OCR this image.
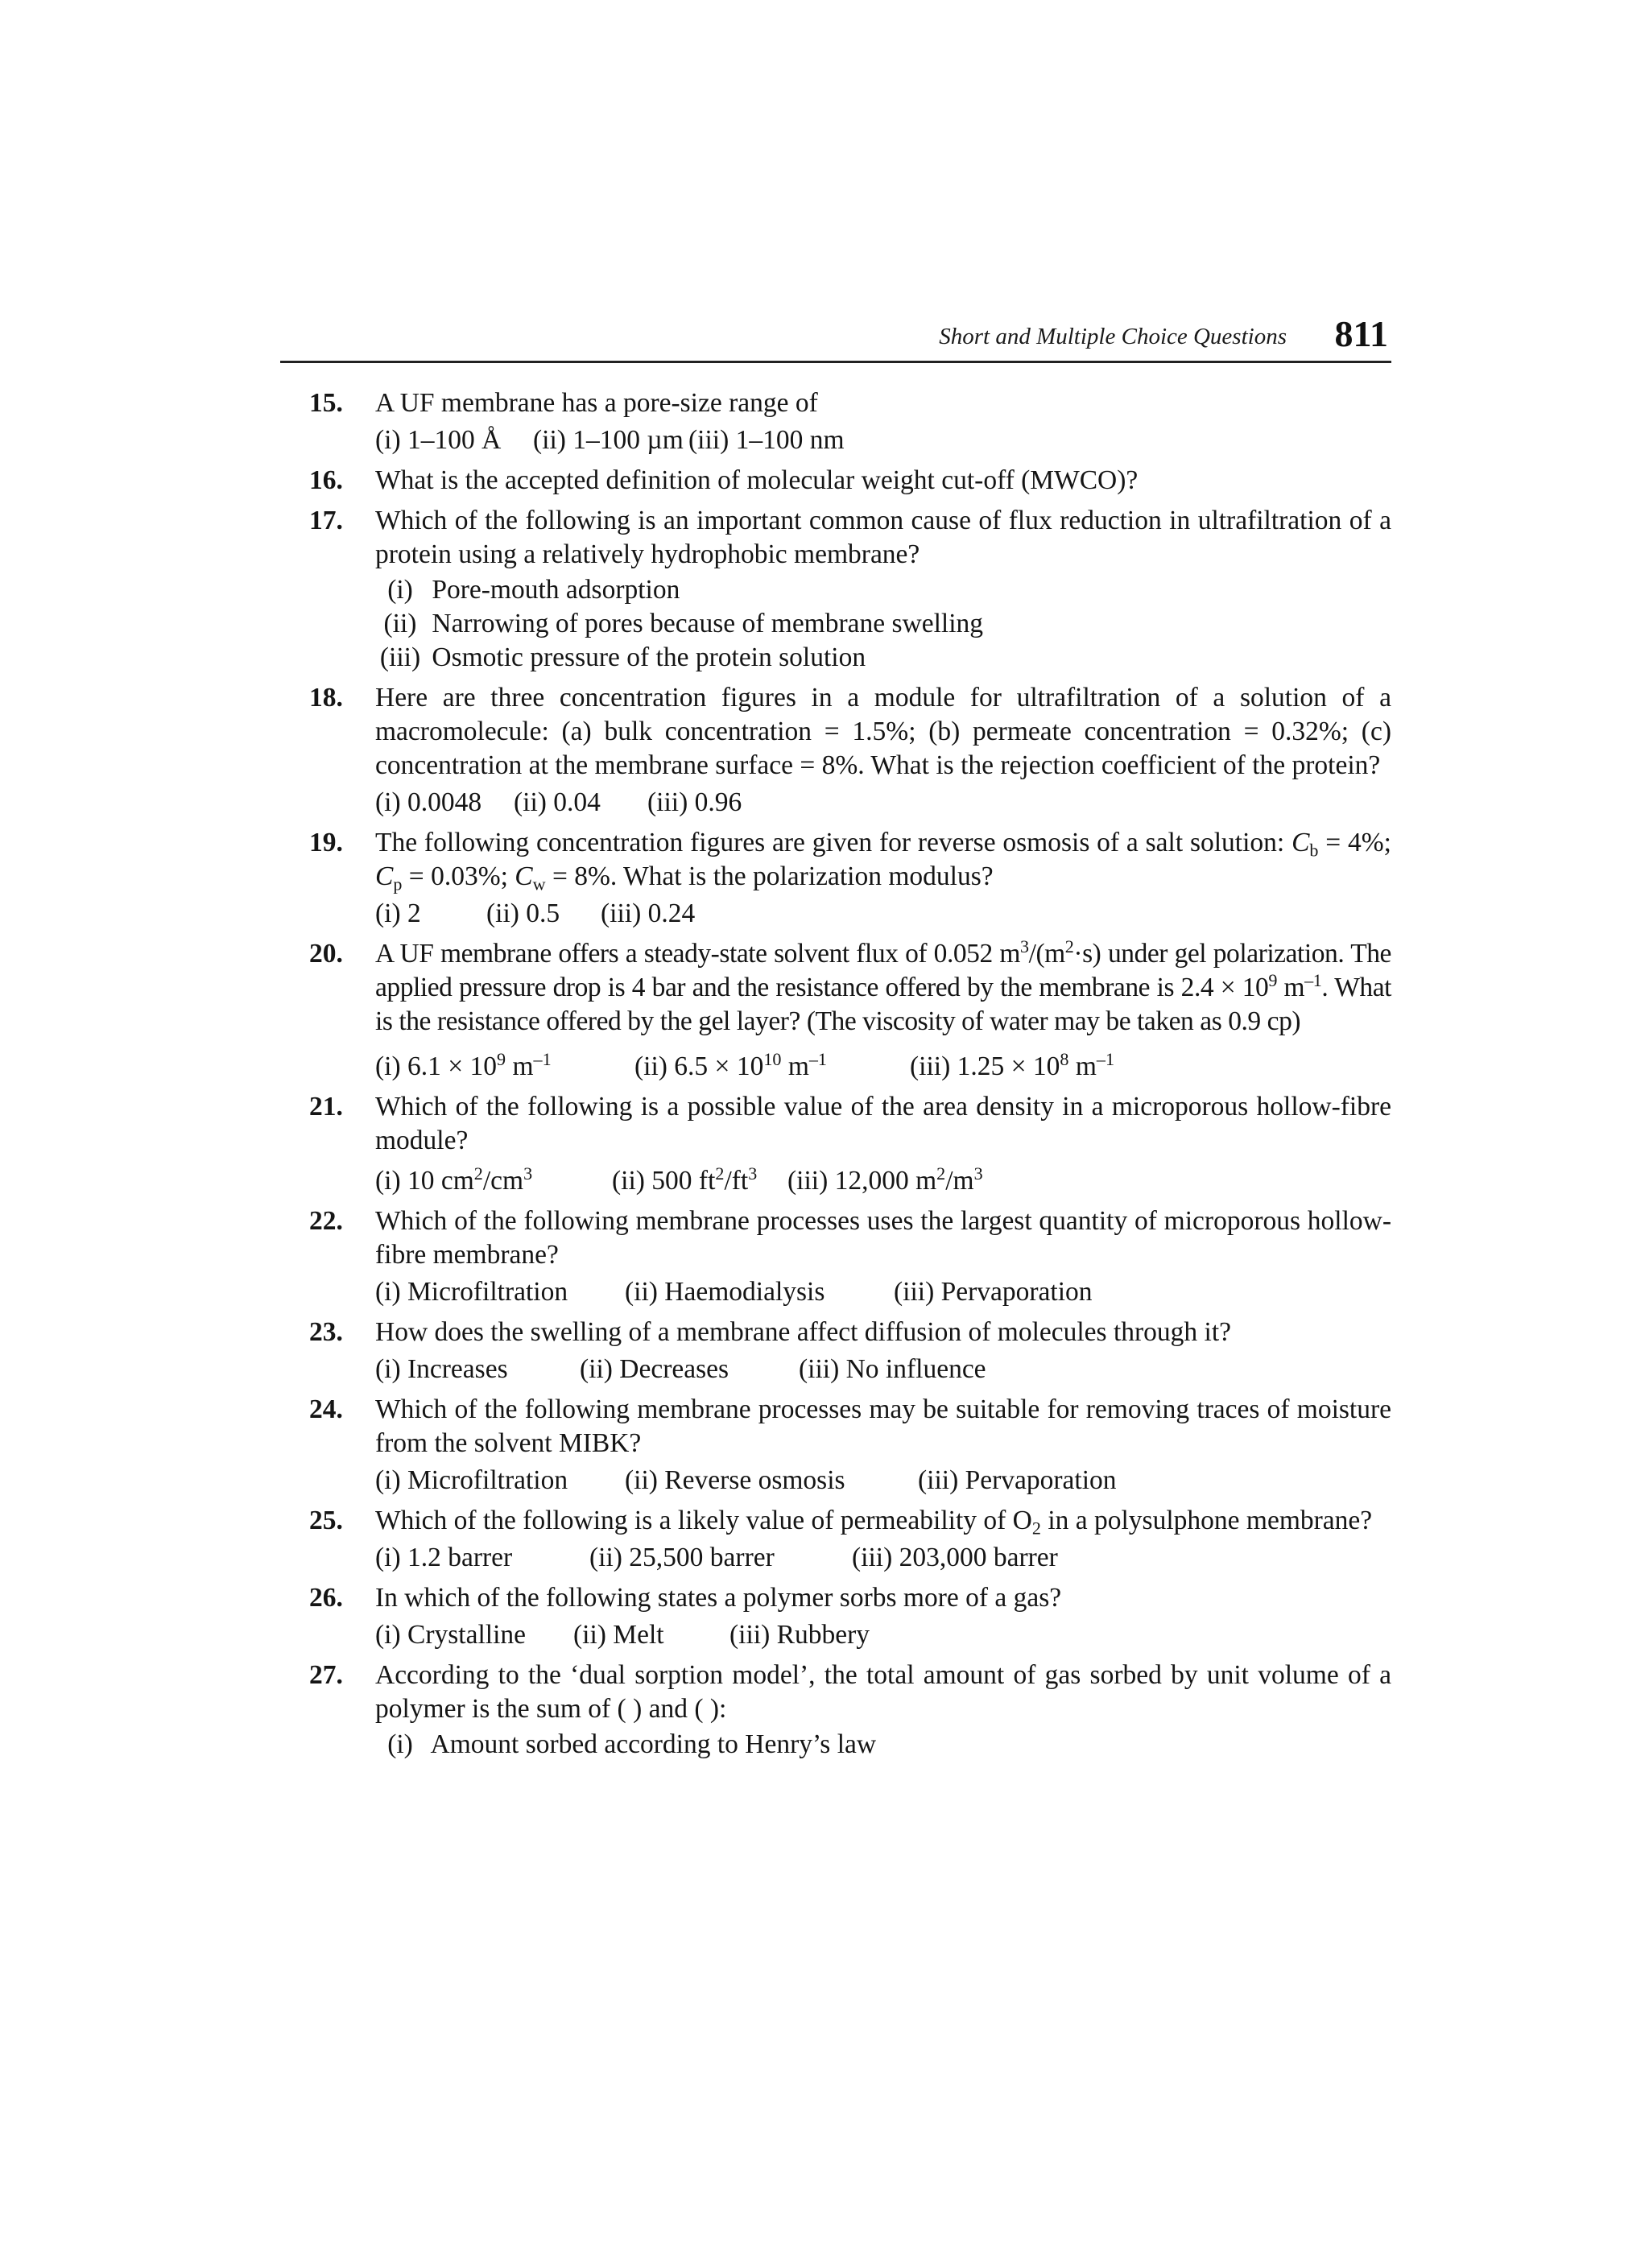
Short and Multiple Choice Questions 811
15. A UF membrane has a pore-size range of
(i) 1–100 Å (ii) 1–100 µm (iii) 1–100 nm
16. What is the accepted definition of molecular weight cut-off (MWCO)?
17. Which of the following is an important common cause of flux reduction in ultrafiltration of a protein using a relatively hydrophobic membrane?
(i) Pore-mouth adsorption
(ii) Narrowing of pores because of membrane swelling
(iii) Osmotic pressure of the protein solution
18. Here are three concentration figures in a module for ultrafiltration of a solution of a macromolecule: (a) bulk concentration = 1.5%; (b) permeate concentration = 0.32%; (c) concentration at the membrane surface = 8%. What is the rejection coefficient of the protein?
(i) 0.0048 (ii) 0.04 (iii) 0.96
19. The following concentration figures are given for reverse osmosis of a salt solution: $C_b = 4\%$; $C_p = 0.03\%$; $C_w = 8\%$. What is the polarization modulus?
(i) 2 (ii) 0.5 (iii) 0.24
20. A UF membrane offers a steady-state solvent flux of 0.052 $m^3/(m^2\cdot s)$ under gel polarization. The applied pressure drop is 4 bar and the resistance offered by the membrane is $2.4 \times 10^9$ $m^{-1}$. What is the resistance offered by the gel layer? (The viscosity of water may be taken as 0.9 cp)
(i) $6.1 \times 10^9$ $m^{-1}$	(ii) $6.5 \times 10^{10}$ $m^{-1}$	(iii) $1.25 \times 10^8$ $m^{-1}$
21. Which of the following is a possible value of the area density in a microporous hollow-fibre module?
(i) 10 $cm^2/cm^3$	(ii) 500 $ft^2/ft^3$ (iii) 12,000 $m^2/m^3$
22. Which of the following membrane processes uses the largest quantity of microporous hollow-fibre membrane?
(i) Microfiltration (ii) Haemodialysis	(iii) Pervaporation
23. How does the swelling of a membrane affect diffusion of molecules through it?
(i) Increases	(ii) Decreases	(iii) No influence
24. Which of the following membrane processes may be suitable for removing traces of moisture from the solvent MIBK?
(i) Microfiltration (ii) Reverse osmosis	(iii) Pervaporation
25. Which of the following is a likely value of permeability of $O_2$ in a polysulphone membrane?
(i) 1.2 barrer	(ii) 25,500 barrer	(iii) 203,000 barrer
26. In which of the following states a polymer sorbs more of a gas?
(i) Crystalline (ii) Melt (iii) Rubbery
27. According to the ‘dual sorption model’, the total amount of gas sorbed by unit volume of a polymer is the sum of ( ) and ( ):
(i) Amount sorbed according to Henry’s law
